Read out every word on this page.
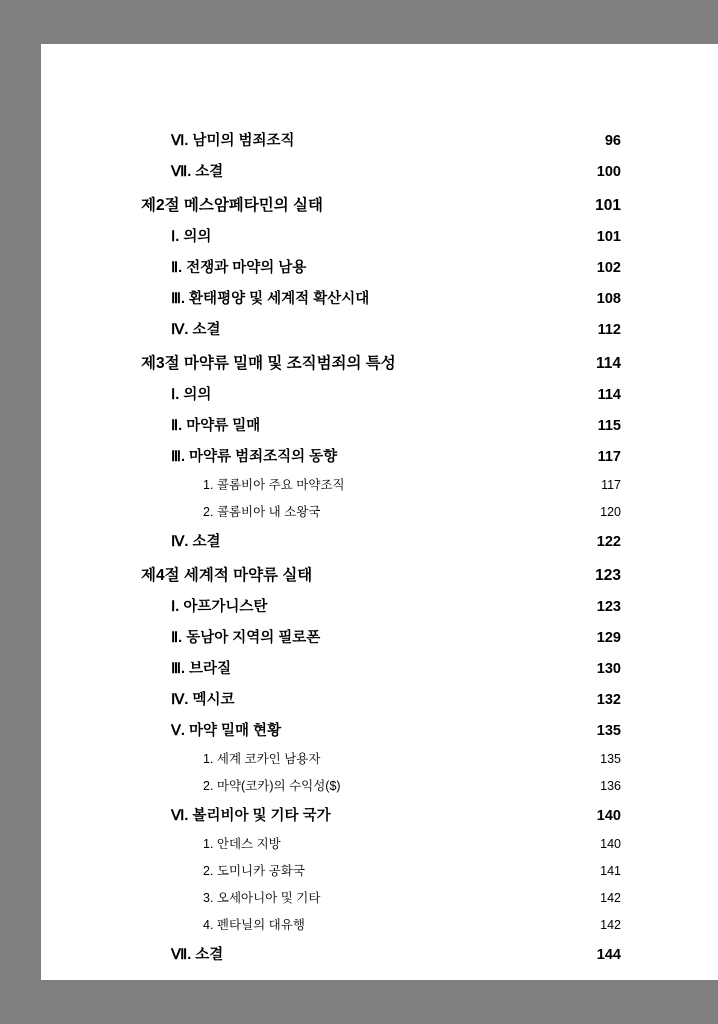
Ⅵ. 남미의 범죄조직	96
Ⅶ. 소결	100
제2절 메스암페타민의 실태	101
Ⅰ. 의의	101
Ⅱ. 전쟁과 마약의 남용	102
Ⅲ. 환태평양 및 세계적 확산시대	108
Ⅳ. 소결	112
제3절 마약류 밀매 및 조직범죄의 특성	114
Ⅰ. 의의	114
Ⅱ. 마약류 밀매	115
Ⅲ. 마약류 범죄조직의 동향	117
1. 콜롬비아 주요 마약조직	117
2. 콜롬비아 내 소왕국	120
Ⅳ. 소결	122
제4절 세계적 마약류 실태	123
Ⅰ. 아프가니스탄	123
Ⅱ. 동남아 지역의 필로폰	129
Ⅲ. 브라질	130
Ⅳ. 멕시코	132
Ⅴ. 마약 밀매 현황	135
1. 세계 코카인 남용자	135
2. 마약(코카)의 수익성($)	136
Ⅵ. 볼리비아 및 기타 국가	140
1. 안데스 지방	140
2. 도미니카 공화국	141
3. 오세아니아 및 기타	142
4. 펜타닐의 대유행	142
Ⅶ. 소결	144
